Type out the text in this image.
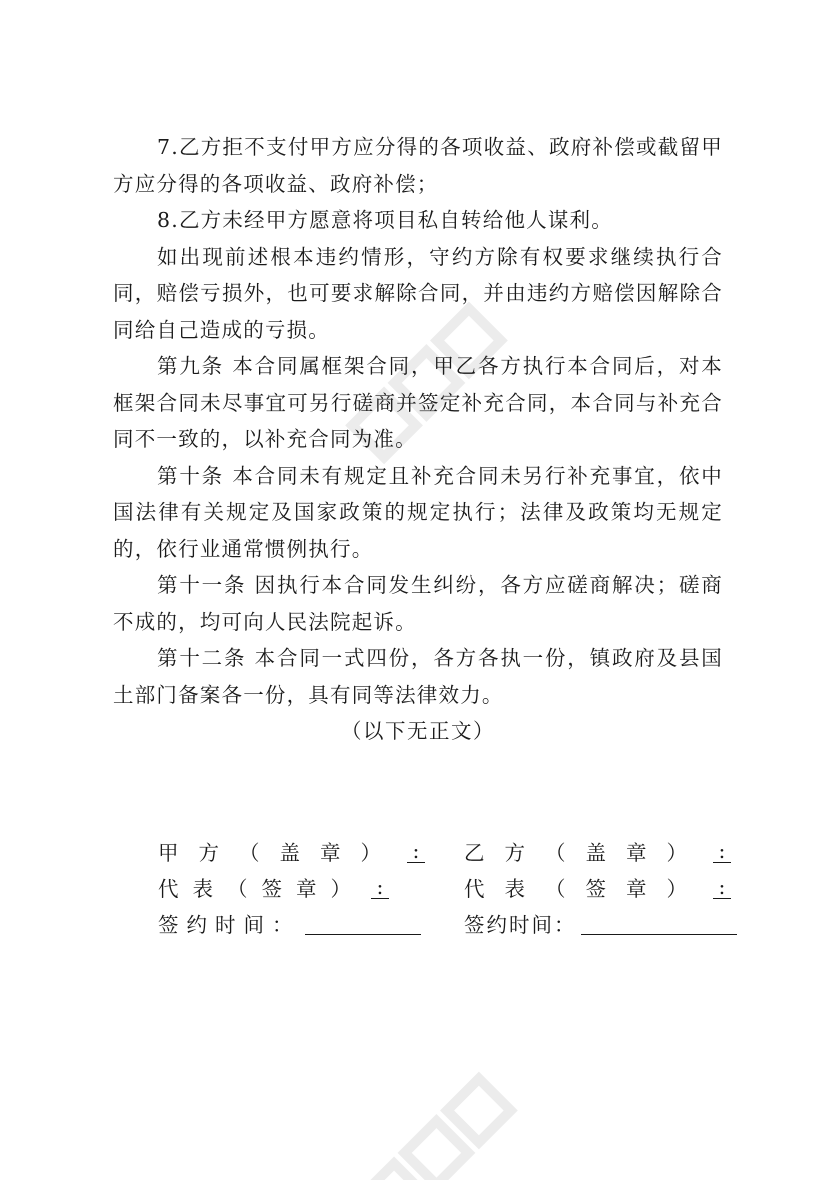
7.乙方拒不支付甲方应分得的各项收益、政府补偿或截留甲 方应分得的各项收益、政府补偿；

8.乙方未经甲方愿意将项目私自转给他人谋利。

如出现前述根本违约情形，守约方除有权要求继续执行合同，赔偿亏损外，也可要求解除合同，并由违约方赔偿因解除合 同给自己造成的亏损。

第九条 本合同属框架合同，甲乙各方执行本合同后，对本框架合同未尽事宜可另行磋商并签定补充合同，本合同与补充合 同不一致的，以补充合同为准。

第十条 本合同未有规定且补充合同未另行补充事宜，依中国法律有关规定及国家政策的规定执行；法律及政策均无规定的，依行业通常惯例执行。

第十一条 因执行本合同发生纠纷，各方应磋商解决；磋商不成的，均可向人民法院起诉。

第十二条 本合同一式四份，各方各执一份，镇政府及县国土部门备案各一份，具有同等法律效力。

（以下无正文）

甲方（盖章） : 乙方（盖章） :
代表（签章） :	代表（签章） :
签约时间：	签约时间：
